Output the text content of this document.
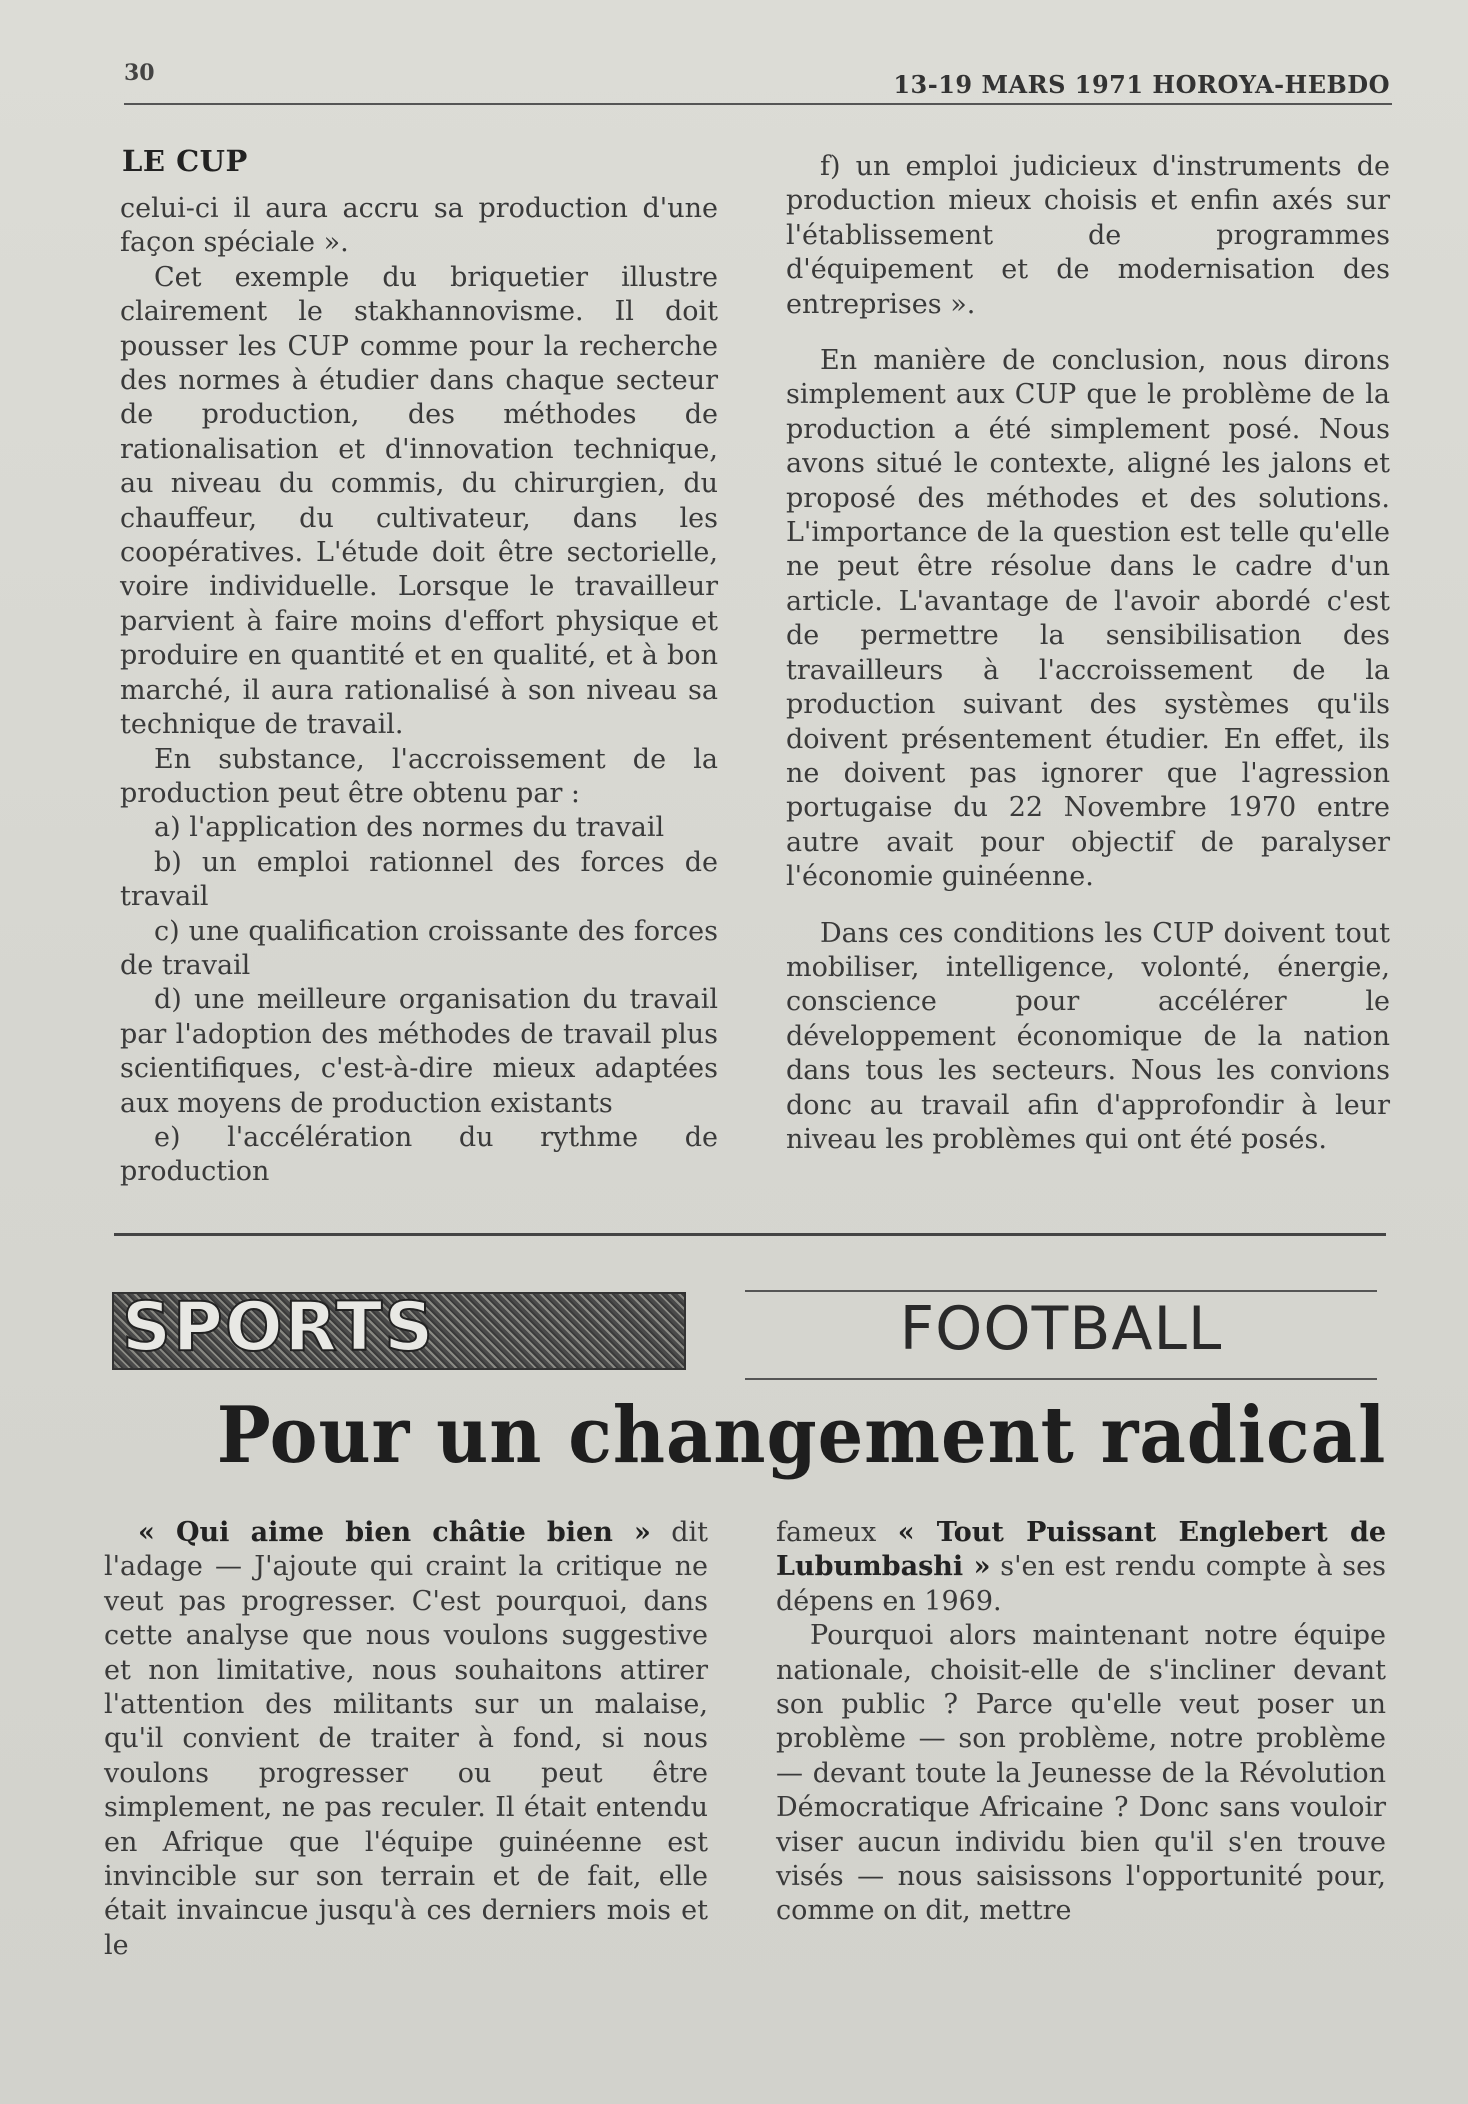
30	13-19 MARS 1971 HOROYA-HEBDO
LE CUP

celui-ci il aura accru sa production d'une façon spéciale ».

Cet exemple du briquetier illustre clairement le stakhannovisme. Il doit pousser les CUP comme pour la recherche des normes à étudier dans chaque secteur de production, des méthodes de rationalisation et d'innovation technique, au niveau du commis, du chirurgien, du chauffeur, du cultivateur, dans les coopératives. L'étude doit être sectorielle, voire individuelle. Lorsque le travailleur parvient à faire moins d'effort physique et produire en quantité et en qualité, et à bon marché, il aura rationalisé à son niveau sa technique de travail.

En substance, l'accroissement de la production peut être obtenu par :

a) l'application des normes du travail

b) un emploi rationnel des forces de travail

c) une qualification croissante des forces de travail

d) une meilleure organisation du travail par l'adoption des méthodes de travail plus scientifiques, c'est-à-dire mieux adaptées aux moyens de production existants

e) l'accélération du rythme de production

f) un emploi judicieux d'instruments de production mieux choisis et enfin axés sur l'établissement de programmes d'équipement et de modernisation des entreprises ».

En manière de conclusion, nous dirons simplement aux CUP que le problème de la production a été simplement posé. Nous avons situé le contexte, aligné les jalons et proposé des méthodes et des solutions. L'importance de la question est telle qu'elle ne peut être résolue dans le cadre d'un article. L'avantage de l'avoir abordé c'est de permettre la sensibilisation des travailleurs à l'accroissement de la production suivant des systèmes qu'ils doivent présentement étudier. En effet, ils ne doivent pas ignorer que l'agression portugaise du 22 Novembre 1970 entre autre avait pour objectif de paralyser l'économie guinéenne.

Dans ces conditions les CUP doivent tout mobiliser, intelligence, volonté, énergie, conscience pour accélérer le développement économique de la nation dans tous les secteurs. Nous les convions donc au travail afin d'approfondir à leur niveau les problèmes qui ont été posés.

SPORTS	FOOTBALL
Pour un changement radical

« Qui aime bien châtie bien » dit l'adage — J'ajoute qui craint la critique ne veut pas progresser. C'est pourquoi, dans cette analyse que nous voulons suggestive et non limitative, nous souhaitons attirer l'attention des militants sur un malaise, qu'il convient de traiter à fond, si nous voulons progresser ou peut être simplement, ne pas reculer. Il était entendu en Afrique que l'équipe guinéenne est invincible sur son terrain et de fait, elle était invaincue jusqu'à ces derniers mois et le

fameux « Tout Puissant Englebert de Lubumbashi » s'en est rendu compte à ses dépens en 1969.

Pourquoi alors maintenant notre équipe nationale, choisit-elle de s'incliner devant son public ? Parce qu'elle veut poser un problème — son problème, notre problème — devant toute la Jeunesse de la Révolution Démocratique Africaine ? Donc sans vouloir viser aucun individu bien qu'il s'en trouve visés — nous saisissons l'opportunité pour, comme on dit, mettre
